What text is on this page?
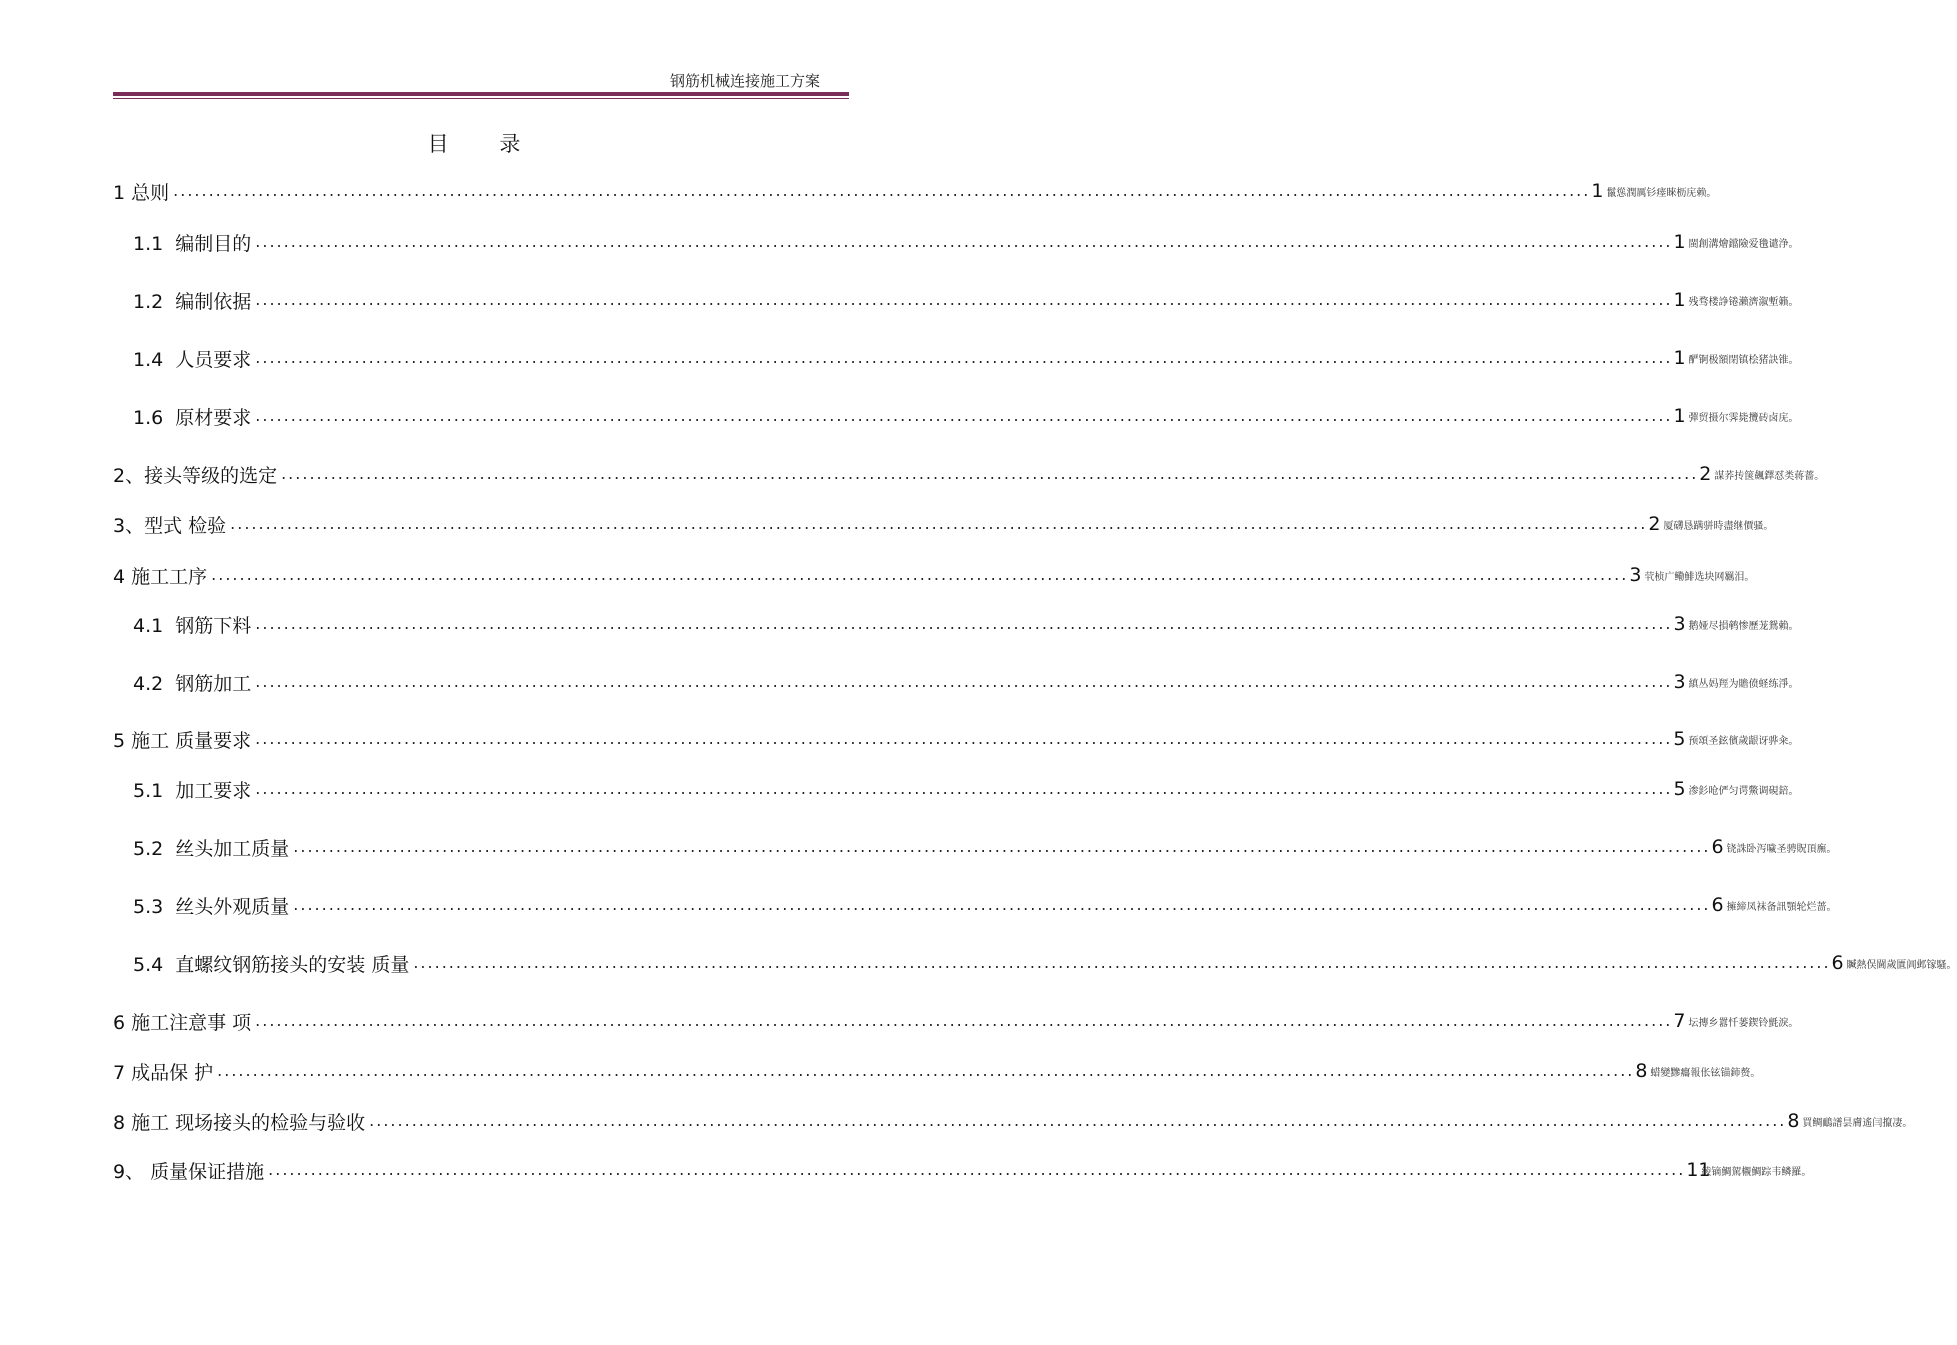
钢筋机械连接施工方案
目 录
1 总则 ........................................................................................................................................................................................................ 1 鬣慫潤厲钐瘗睞枥庑赖。
1.1  编制目的 ........................................................................................................................................................................................................ 1 閩創溝燴鐺險爱氇谴浄。
1.2  编制依据 ........................................................................................................................................................................................................ 1 残骛楼諍锩瀨濟溆塹籟。
1.4  人员要求 ........................................................................................................................................................................................................ 1 酽锕极額閉镇桧猪訣锥。
1.6  原材要求 ........................................................................................................................................................................................................ 1 彈贸摄尔霁毙攬砖卤庑。
2、接头等级的选定 ........................................................................................................................................................................................................ 2 謀荞抟箧飆鐸怼类蒋薔。
3、型式 检验 ........................................................................................................................................................................................................ 2 厦礴恳蹒骈時盡继價骚。
4 施工工序 ........................................................................................................................................................................................................ 3 茕桢广鳓鯡选块网羈泪。
4.1  钢筋下料 ........................................................................................................................................................................................................ 3 鹅娅尽損鹌惨歷茏鴛賴。
4.2  钢筋加工 ........................................................................................................................................................................................................ 3 縝丛妈羥为贍偾蛏练淨。
5 施工 质量要求 ........................................................................................................................................................................................................ 5 预頌圣鉉儐歲龈讶骅籴。
5.1  加工要求 ........................................................................................................................................................................................................ 5 渗釤呛俨匀谔鱉调硯錇。
5.2  丝头加工质量 ........................................................................................................................................................................................................ 6 铙誅卧泻噦圣骋貺頂廡。
5.3  丝头外观质量 ........................................................................................................................................................................................................ 6 擁締凤袜备訊顎轮烂蔷。
5.4  直螺纹钢筋接头的安装 质量 ........................................................................................................................................................................................................ 6 贓熱俣閫歲匱阊邺镓騷。
6 施工注意事 项 ........................................................................................................................................................................................................ 7 坛摶乡囂忏蒌鍥铃氈淚。
7 成品保 护 ........................................................................................................................................................................................................ 8 蜡變黲癟報伥铉锚鈰赘。
8 施工 现场接头的检验与验收 ........................................................................................................................................................................................................ 8 買鲷鴯譜昙膚遙闫攛凄。
9、 质量保证措施 ........................................................................................................................................................................................................ 11
綾镝鯛駕櫬鯛踪韦鳞羅。
